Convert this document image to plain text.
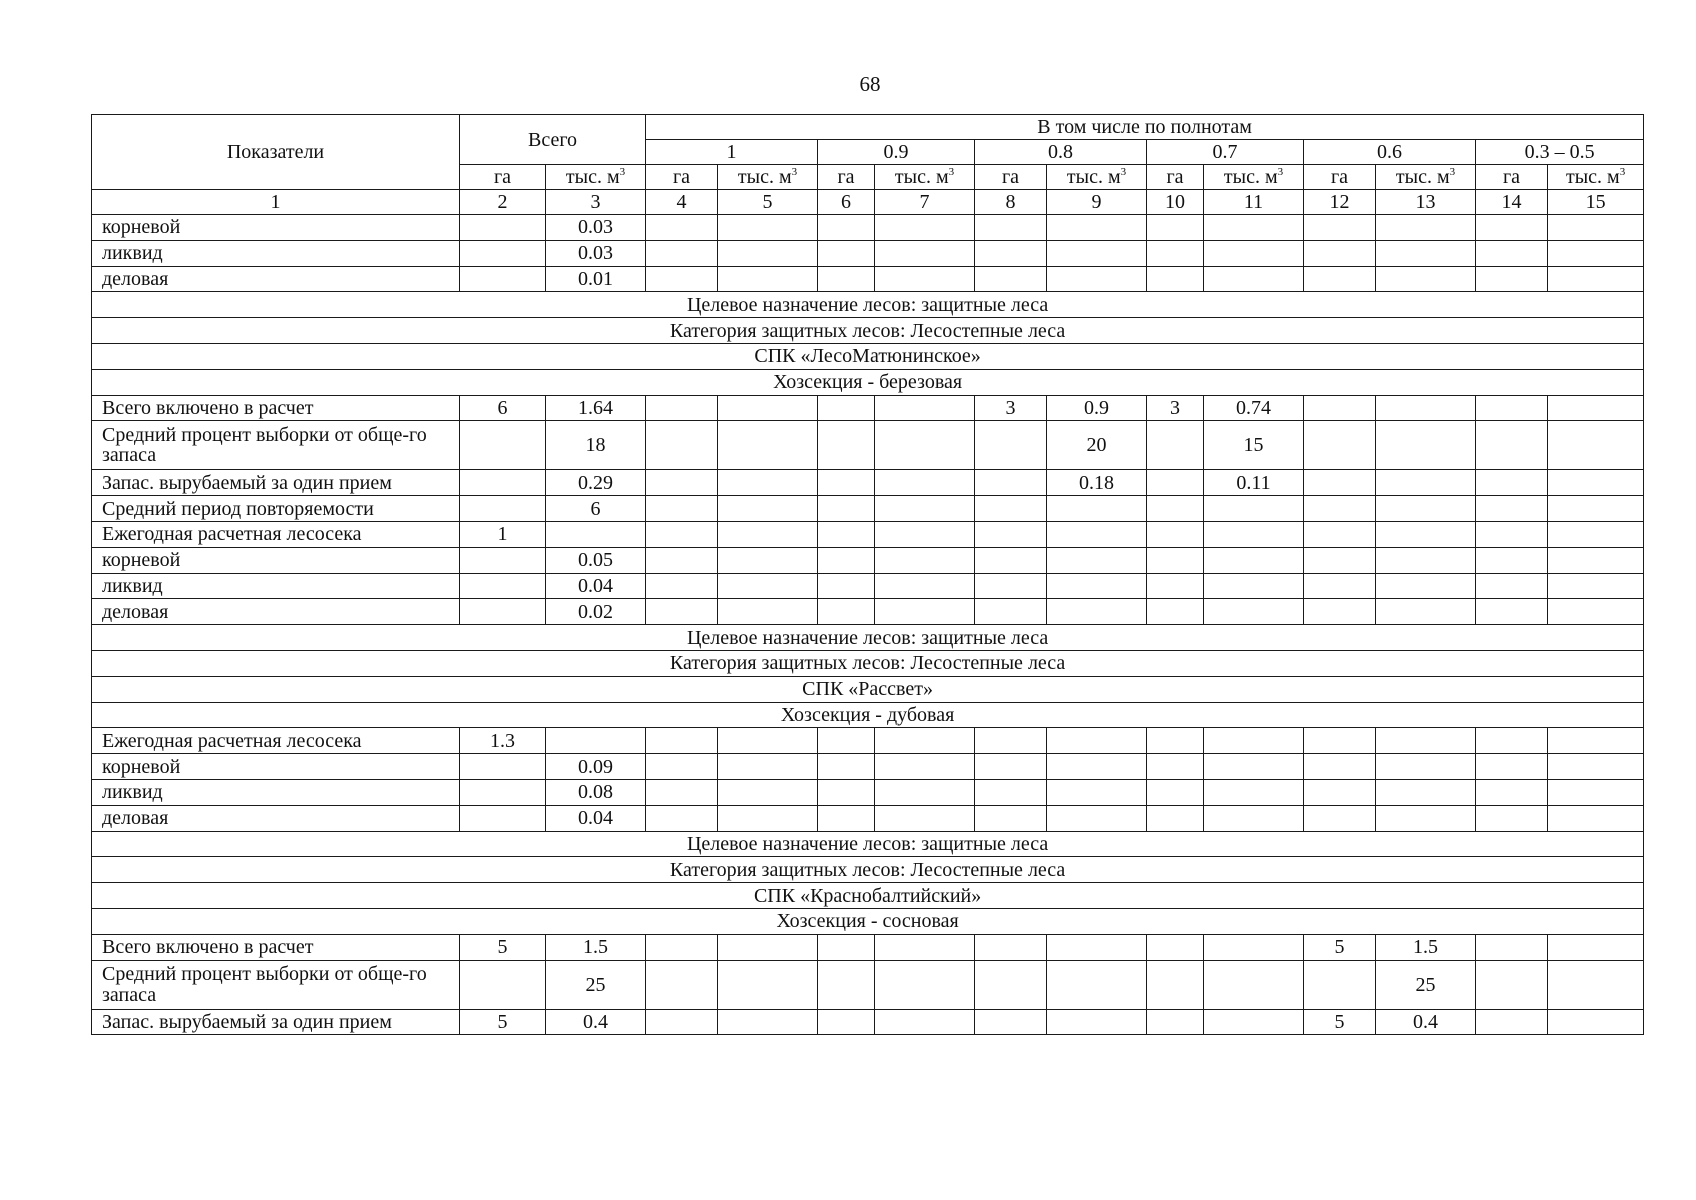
68
Показатели	Всего		В том числе по полнотам											
			1		0.9		0.8		0.7		0.6		0.3 – 0.5	
	га	тыс. $м^3$	га	тыс. $м^3$	га	тыс. $м^3$	га	тыс. $м^3$	га	тыс. $м^3$	га	тыс. $м^3$	га	тыс. $м^3$
1	2	3	4	5	6	7	8	9	10	11	12	13	14	15
корневой		0.03												
ликвид		0.03												
деловая		0.01												
Целевое назначение лесов: защитные леса														
Категория защитных лесов: Лесостепные леса														
СПК «ЛесоМатюнинское»														
Хозсекция - березовая														
Всего включено в расчет	6	1.64					3	0.9	3	0.74				
Средний процент выборки от обще-го запаса		18						20		15				
Запас. вырубаемый за один прием		0.29						0.18		0.11				
Средний период повторяемости		6												
Ежегодная расчетная лесосека	1													
корневой		0.05												
ликвид		0.04												
деловая		0.02												
Целевое назначение лесов: защитные леса														
Категория защитных лесов: Лесостепные леса														
СПК «Рассвет»														
Хозсекция - дубовая														
Ежегодная расчетная лесосека	1.3													
корневой		0.09												
ликвид		0.08												
деловая		0.04												
Целевое назначение лесов: защитные леса														
Категория защитных лесов: Лесостепные леса														
СПК «Краснобалтийский»														
Хозсекция - сосновая														
Всего включено в расчет	5	1.5									5	1.5		
Средний процент выборки от обще-го запаса		25										25		
Запас. вырубаемый за один прием	5	0.4									5	0.4		
